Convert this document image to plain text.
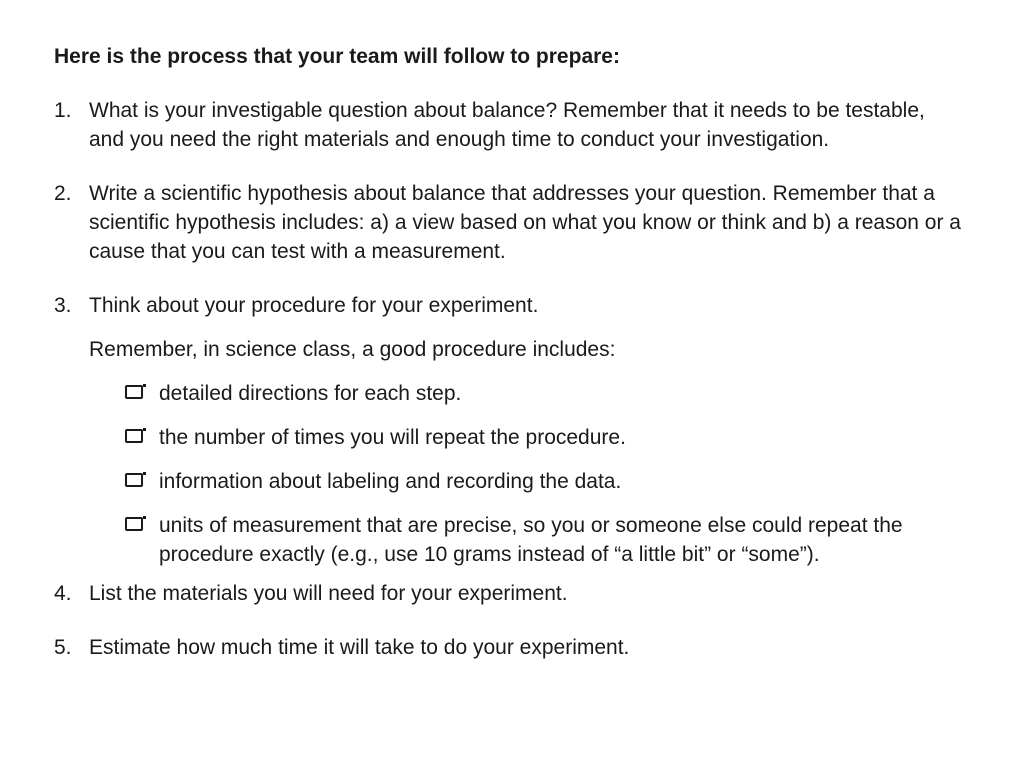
Here is the process that your team will follow to prepare:
1. What is your investigable question about balance? Remember that it needs to be testable, and you need the right materials and enough time to conduct your investigation.

2. Write a scientific hypothesis about balance that addresses your question. Remember that a scientific hypothesis includes: a) a view based on what you know or think and b) a reason or a cause that you can test with a measurement.

3. Think about your procedure for your experiment.

Remember, in science class, a good procedure includes:

detailed directions for each step.
the number of times you will repeat the procedure.
information about labeling and recording the data.
units of measurement that are precise, so you or someone else could repeat the procedure exactly (e.g., use 10 grams instead of “a little bit” or “some”).
4. List the materials you will need for your experiment.

5. Estimate how much time it will take to do your experiment.
